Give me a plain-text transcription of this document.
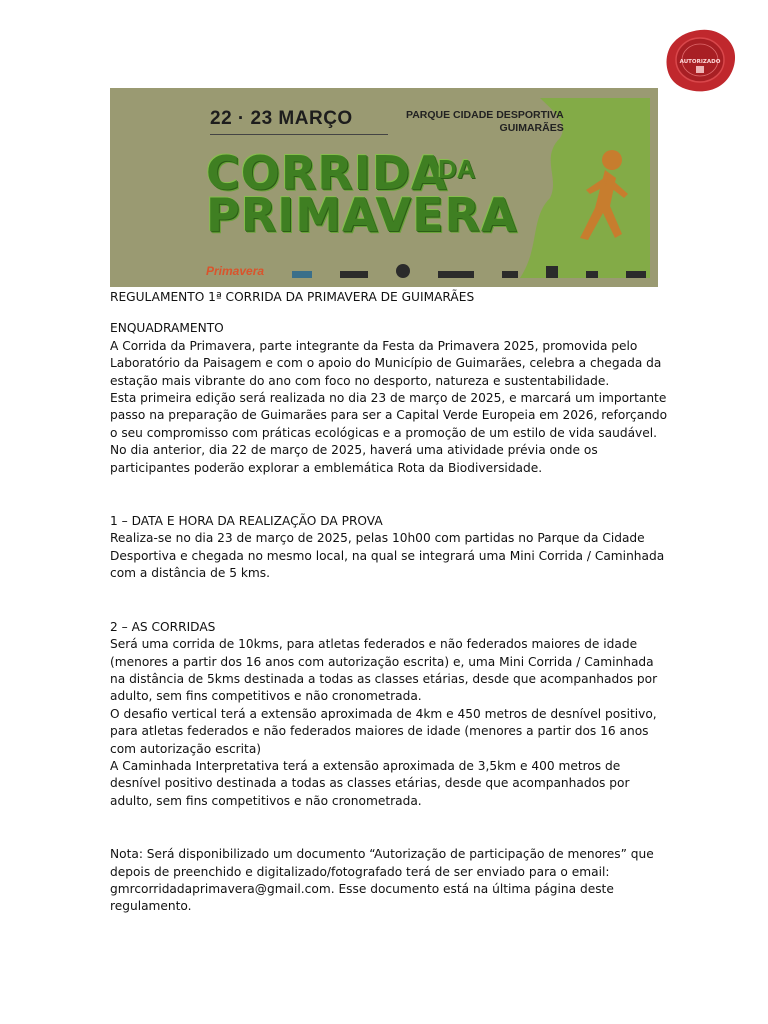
AUTORIZADO
22 · 23 MARÇO	PARQUE CIDADE DESPORTIVA
GUIMARÃES
CORRIDA
DA
PRIMAVERA
Primavera

REGULAMENTO 1ª CORRIDA DA PRIMAVERA DE GUIMARÃES

ENQUADRAMENTO

A Corrida da Primavera, parte integrante da Festa da Primavera 2025, promovida pelo Laboratório da Paisagem e com o apoio do Município de Guimarães, celebra a chegada da estação mais vibrante do ano com foco no desporto, natureza e sustentabilidade.

Esta primeira edição será realizada no dia 23 de março de 2025, e marcará um importante passo na preparação de Guimarães para ser a Capital Verde Europeia em 2026, reforçando o seu compromisso com práticas ecológicas e a promoção de um estilo de vida saudável.

No dia anterior, dia 22 de março de 2025, haverá uma atividade prévia onde os participantes poderão explorar a emblemática Rota da Biodiversidade.

1 – DATA E HORA DA REALIZAÇÃO DA PROVA

Realiza-se no dia 23 de março de 2025, pelas 10h00 com partidas no Parque da Cidade Desportiva e chegada no mesmo local, na qual se integrará uma Mini Corrida / Caminhada com a distância de 5 kms.

2 – AS CORRIDAS

Será uma corrida de 10kms, para atletas federados e não federados maiores de idade (menores a partir dos 16 anos com autorização escrita) e, uma Mini Corrida / Caminhada na distância de 5kms destinada a todas as classes etárias, desde que acompanhados por adulto, sem fins competitivos e não cronometrada.

O desafio vertical terá a extensão aproximada de 4km e 450 metros de desnível positivo, para atletas federados e não federados maiores de idade (menores a partir dos 16 anos com autorização escrita)

A Caminhada Interpretativa terá a extensão aproximada de 3,5km e 400 metros de desnível positivo destinada a todas as classes etárias, desde que acompanhados por adulto, sem fins competitivos e não cronometrada.

Nota: Será disponibilizado um documento “Autorização de participação de menores” que depois de preenchido e digitalizado/fotografado terá de ser enviado para o email: gmrcorridadaprimavera@gmail.com. Esse documento está na última página deste regulamento.
